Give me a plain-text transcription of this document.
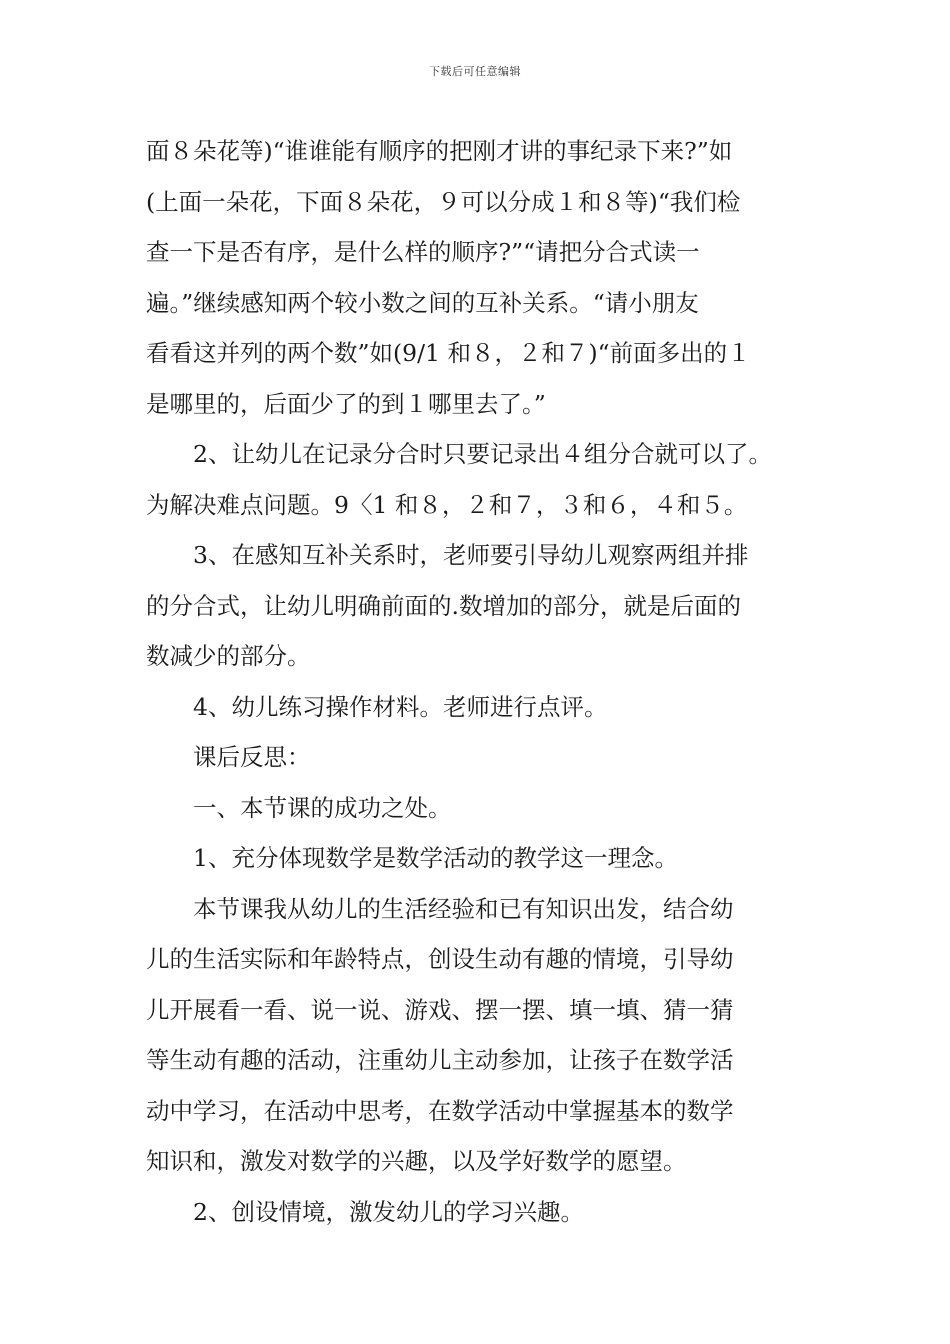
下载后可任意编辑
面８朵花等)“谁谁能有顺序的把刚才讲的事纪录下来?”如
(上面一朵花，下面８朵花，９可以分成１和８等)“我们检
查一下是否有序，是什么样的顺序?”“请把分合式读一
遍。”继续感知两个较小数之间的互补关系。“请小朋友
看看这并列的两个数”如(9/1 和８，２和７)“前面多出的１
是哪里的，后面少了的到１哪里去了。”
2、让幼儿在记录分合时只要记录出４组分合就可以了。
为解决难点问题。9〈1 和８，２和７，３和６，４和５。
3、在感知互补关系时，老师要引导幼儿观察两组并排
的分合式，让幼儿明确前面的.数增加的部分，就是后面的
数减少的部分。
4、幼儿练习操作材料。老师进行点评。
课后反思：
一、本节课的成功之处。
1、充分体现数学是数学活动的教学这一理念。
本节课我从幼儿的生活经验和已有知识出发，结合幼
儿的生活实际和年龄特点，创设生动有趣的情境，引导幼
儿开展看一看、说一说、游戏、摆一摆、填一填、猜一猜
等生动有趣的活动，注重幼儿主动参加，让孩子在数学活
动中学习，在活动中思考，在数学活动中掌握基本的数学
知识和，激发对数学的兴趣，以及学好数学的愿望。
2、创设情境，激发幼儿的学习兴趣。
